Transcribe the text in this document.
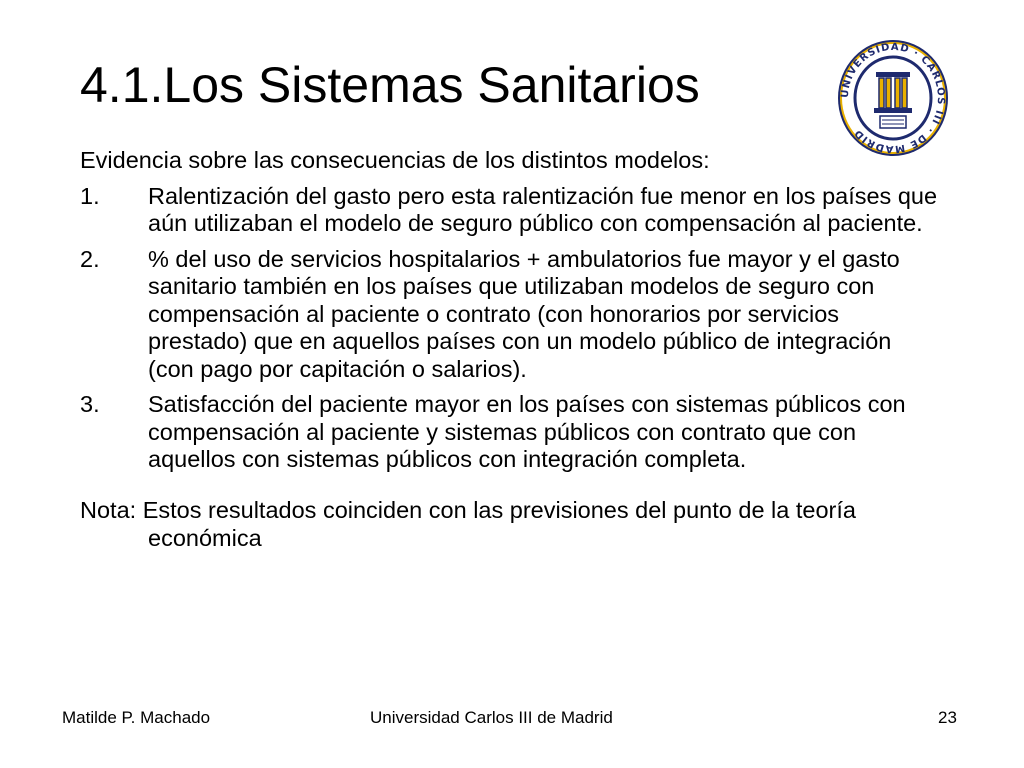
4.1.Los Sistemas Sanitarios	UNIVERSIDAD · CARLOS III · DE MADRID

Evidencia sobre las consecuencias de los distintos modelos:

1.	Ralentización del gasto pero esta ralentización fue menor en los países que aún utilizaban el modelo de seguro público con compensación al paciente.
2.	% del uso de servicios hospitalarios + ambulatorios fue mayor y el gasto sanitario también en los países que utilizaban modelos de seguro con compensación al paciente o contrato (con honorarios por servicios prestado) que en aquellos países con un modelo público de integración (con pago por capitación o salarios).
3.	Satisfacción del paciente mayor en los países con sistemas públicos con compensación al paciente y sistemas públicos con contrato que con aquellos con sistemas públicos con integración completa.

Nota: Estos resultados coinciden con las previsiones del punto de la teoría económica

Matilde P. Machado	Universidad Carlos III de Madrid	23
